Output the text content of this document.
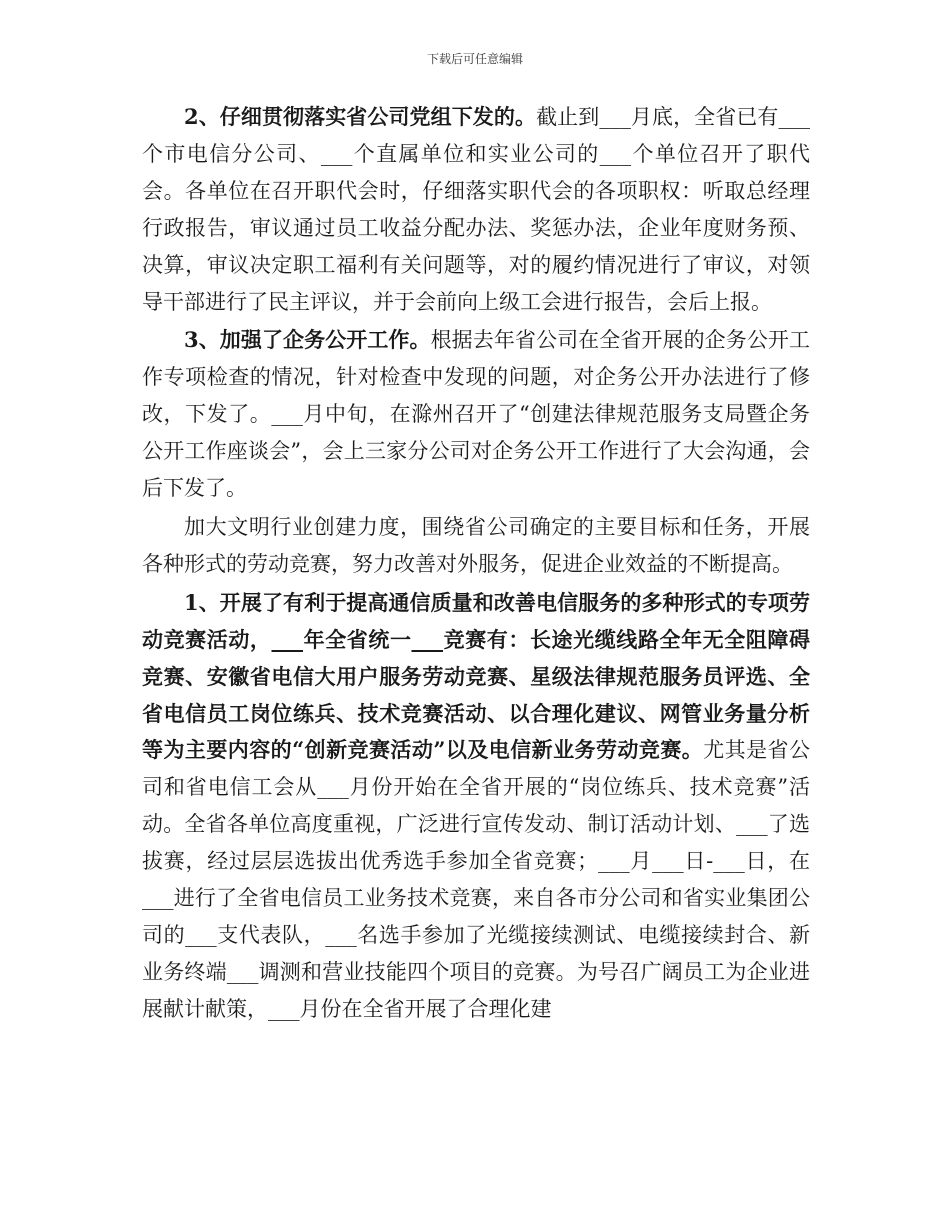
下载后可任意编辑

2、仔细贯彻落实省公司党组下发的。截止到___月底，全省已有___个市电信分公司、___个直属单位和实业公司的___个单位召开了职代会。各单位在召开职代会时，仔细落实职代会的各项职权：听取总经理行政报告，审议通过员工收益分配办法、奖惩办法，企业年度财务预、决算，审议决定职工福利有关问题等，对的履约情况进行了审议，对领导干部进行了民主评议，并于会前向上级工会进行报告，会后上报。

3、加强了企务公开工作。根据去年省公司在全省开展的企务公开工作专项检查的情况，针对检查中发现的问题，对企务公开办法进行了修改，下发了。___月中旬，在滁州召开了“创建法律规范服务支局暨企务公开工作座谈会”，会上三家分公司对企务公开工作进行了大会沟通，会后下发了。

加大文明行业创建力度，围绕省公司确定的主要目标和任务，开展各种形式的劳动竞赛，努力改善对外服务，促进企业效益的不断提高。

1、开展了有利于提高通信质量和改善电信服务的多种形式的专项劳动竞赛活动，___年全省统一___竞赛有：长途光缆线路全年无全阻障碍竞赛、安徽省电信大用户服务劳动竞赛、星级法律规范服务员评选、全省电信员工岗位练兵、技术竞赛活动、以合理化建议、网管业务量分析等为主要内容的“创新竞赛活动”以及电信新业务劳动竞赛。尤其是省公司和省电信工会从___月份开始在全省开展的“岗位练兵、技术竞赛”活动。全省各单位高度重视，广泛进行宣传发动、制订活动计划、___了选拔赛，经过层层选拔出优秀选手参加全省竞赛；___月___日-___日，在___进行了全省电信员工业务技术竞赛，来自各市分公司和省实业集团公司的___支代表队，___名选手参加了光缆接续测试、电缆接续封合、新业务终端___调测和营业技能四个项目的竞赛。为号召广阔员工为企业进展献计献策，___月份在全省开展了合理化建
